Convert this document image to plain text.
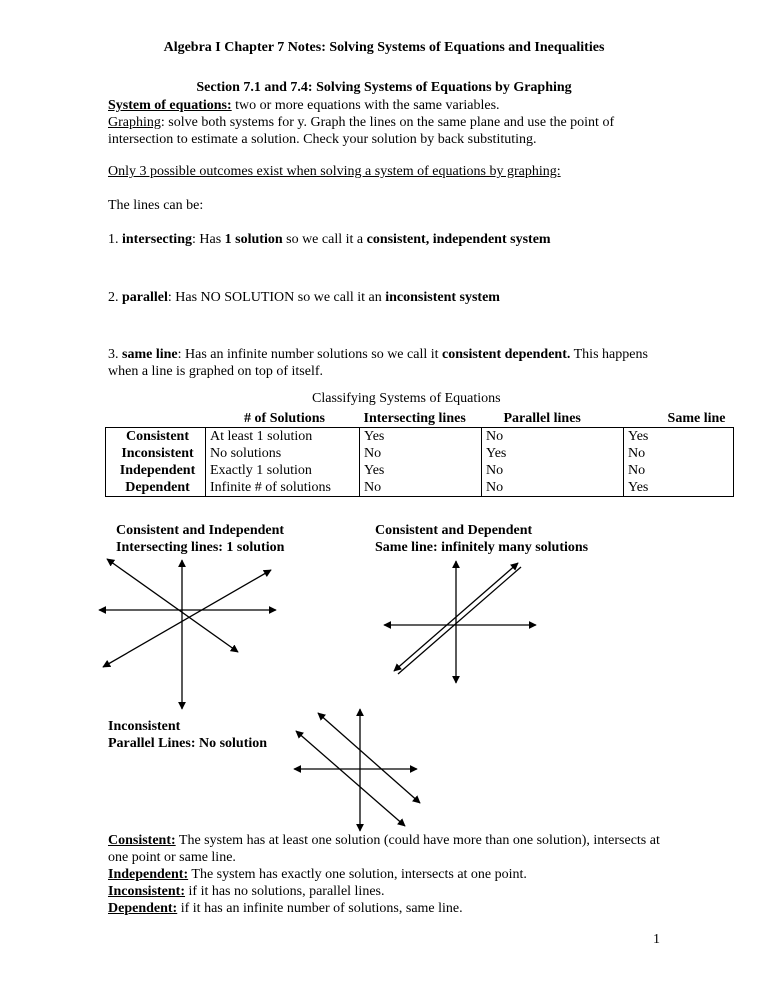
Algebra I Chapter 7 Notes: Solving Systems of Equations and Inequalities
Section 7.1 and 7.4: Solving Systems of Equations by Graphing
System of equations: two or more equations with the same variables.
Graphing: solve both systems for y. Graph the lines on the same plane and use the point of
intersection to estimate a solution. Check your solution by back substituting.
Only 3 possible outcomes exist when solving a system of equations by graphing:
The lines can be:
1. intersecting: Has 1 solution so we call it a consistent, independent system
2. parallel: Has NO SOLUTION so we call it an inconsistent system
3. same line: Has an infinite number solutions so we call it consistent dependent. This happens
when a line is graphed on top of itself.
Classifying Systems of Equations
	# of Solutions	Intersecting lines	Parallel lines	Same line
Consistent	At least 1 solution	Yes	No	Yes
Inconsistent	No solutions	No	Yes	No
Independent	Exactly 1 solution	Yes	No	No
Dependent	Infinite # of solutions	No	No	Yes
Consistent and Independent
Intersecting lines: 1 solution
Consistent and Dependent
Same line: infinitely many solutions
Inconsistent
Parallel Lines: No solution
Consistent: The system has at least one solution (could have more than one solution), intersects at
one point or same line.
Independent: The system has exactly one solution, intersects at one point.
Inconsistent: if it has no solutions, parallel lines.
Dependent: if it has an infinite number of solutions, same line.
1
